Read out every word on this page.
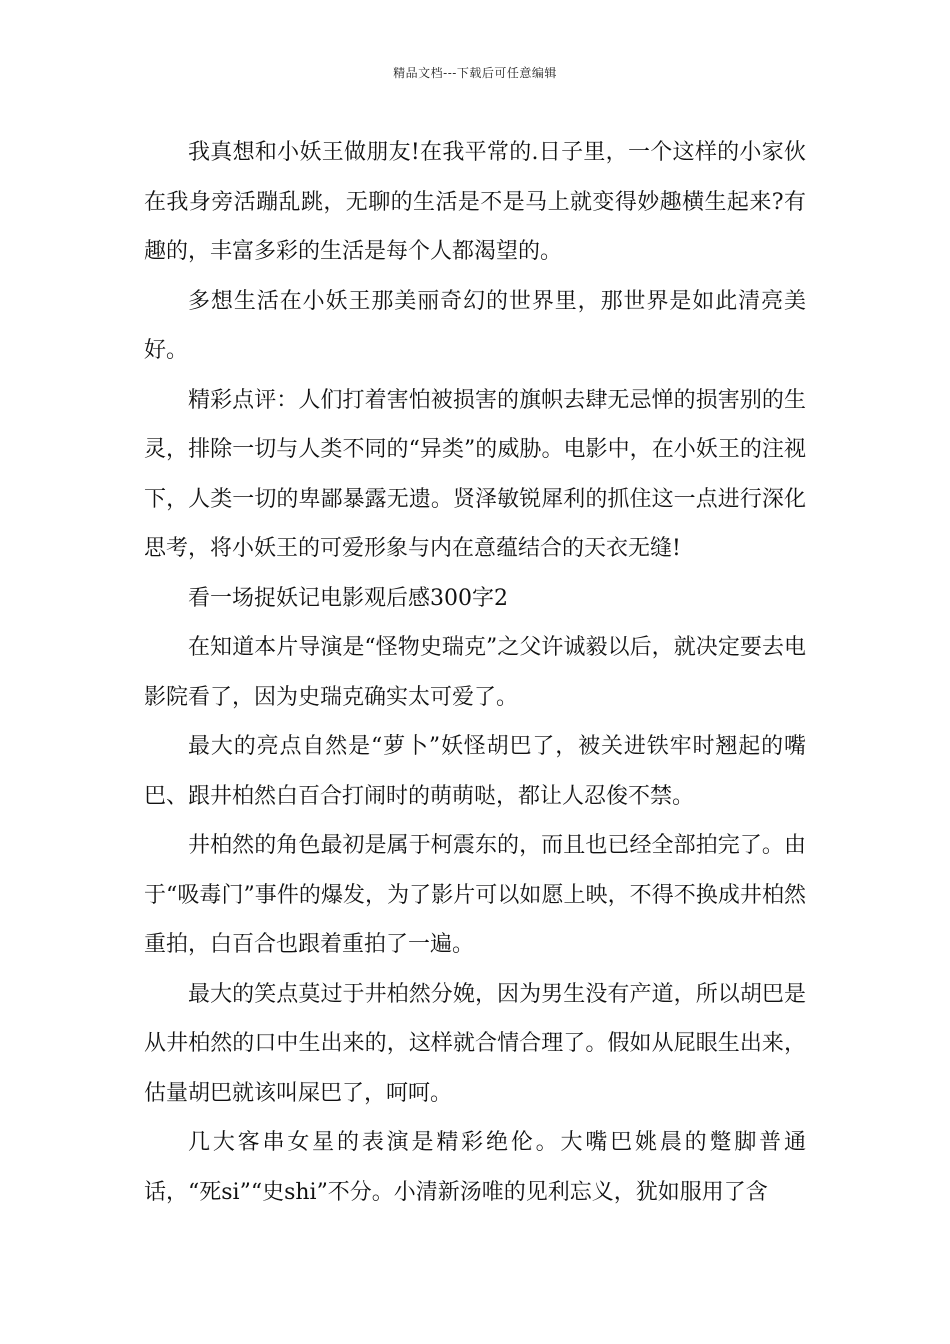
精品文档---下载后可任意编辑

我真想和小妖王做朋友!在我平常的.日子里，一个这样的小家伙在我身旁活蹦乱跳，无聊的生活是不是马上就变得妙趣横生起来?有趣的，丰富多彩的生活是每个人都渴望的。

多想生活在小妖王那美丽奇幻的世界里，那世界是如此清亮美好。

精彩点评：人们打着害怕被损害的旗帜去肆无忌惮的损害别的生灵，排除一切与人类不同的“异类”的威胁。电影中，在小妖王的注视下，人类一切的卑鄙暴露无遗。贤泽敏锐犀利的抓住这一点进行深化思考，将小妖王的可爱形象与内在意蕴结合的天衣无缝!

看一场捉妖记电影观后感300字2

在知道本片导演是“怪物史瑞克”之父许诚毅以后，就决定要去电影院看了，因为史瑞克确实太可爱了。

最大的亮点自然是“萝卜”妖怪胡巴了，被关进铁牢时翘起的嘴巴、跟井柏然白百合打闹时的萌萌哒，都让人忍俊不禁。

井柏然的角色最初是属于柯震东的，而且也已经全部拍完了。由于“吸毒门”事件的爆发，为了影片可以如愿上映，不得不换成井柏然重拍，白百合也跟着重拍了一遍。

最大的笑点莫过于井柏然分娩，因为男生没有产道，所以胡巴是从井柏然的口中生出来的，这样就合情合理了。假如从屁眼生出来，估量胡巴就该叫屎巴了，呵呵。

几大客串女星的表演是精彩绝伦。大嘴巴姚晨的蹩脚普通话，“死si”“史shi”不分。小清新汤唯的见利忘义，犹如服用了含
